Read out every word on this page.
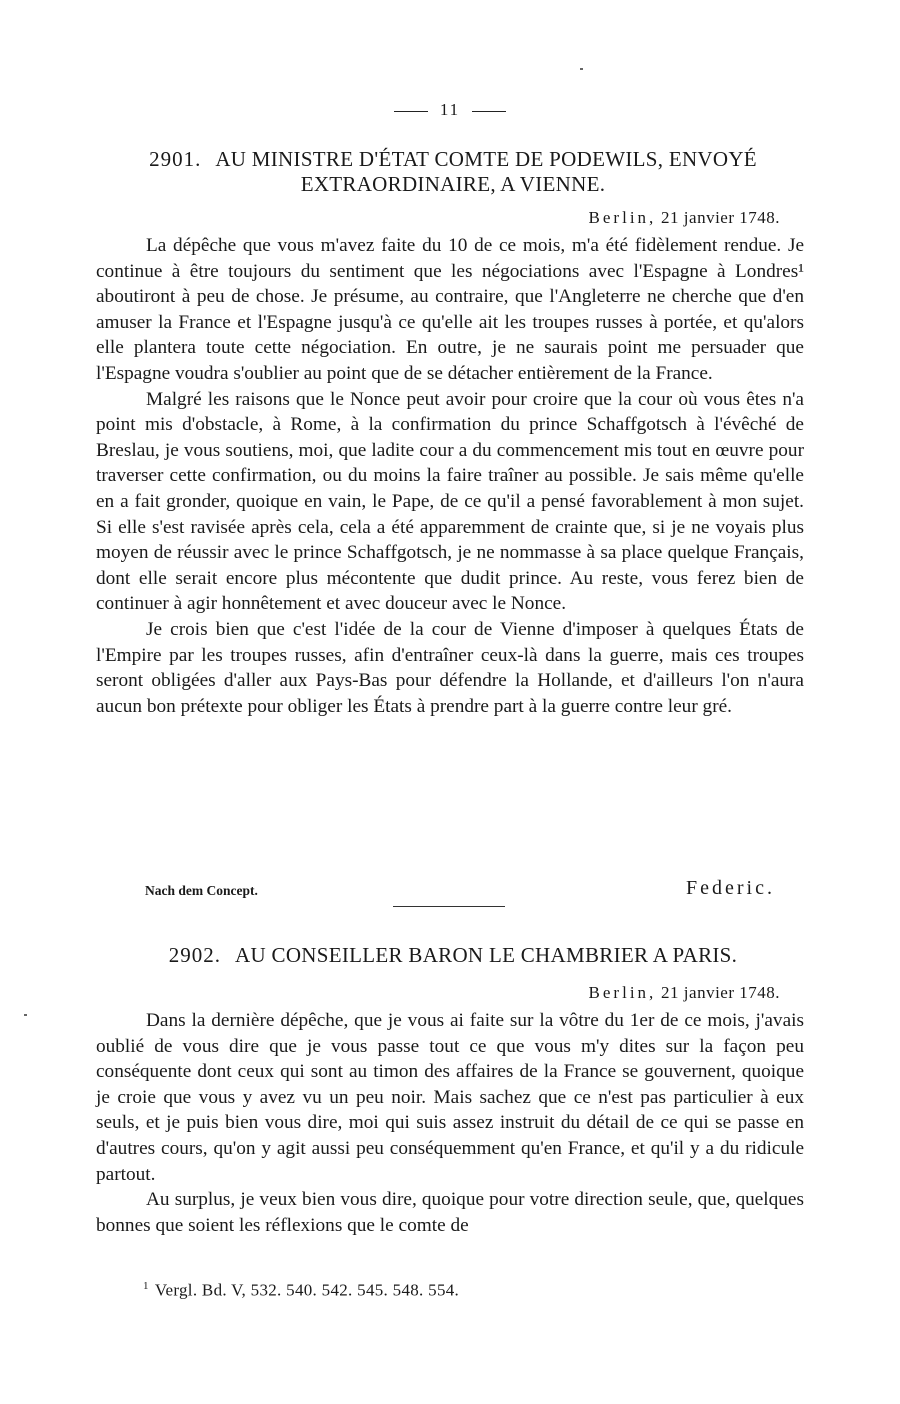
11
2901. AU MINISTRE D'ÉTAT COMTE DE PODEWILS, ENVOYÉ
EXTRAORDINAIRE, A VIENNE.
Berlin, 21 janvier 1748.

La dépêche que vous m'avez faite du 10 de ce mois, m'a été fidèlement rendue. Je continue à être toujours du sentiment que les négociations avec l'Espagne à Londres¹ aboutiront à peu de chose. Je présume, au contraire, que l'Angleterre ne cherche que d'en amuser la France et l'Espagne jusqu'à ce qu'elle ait les troupes russes à portée, et qu'alors elle plantera toute cette négociation. En outre, je ne saurais point me persuader que l'Espagne voudra s'oublier au point que de se détacher entièrement de la France.

Malgré les raisons que le Nonce peut avoir pour croire que la cour où vous êtes n'a point mis d'obstacle, à Rome, à la confirmation du prince Schaffgotsch à l'évêché de Breslau, je vous soutiens, moi, que ladite cour a du commencement mis tout en œuvre pour traverser cette confirmation, ou du moins la faire traîner au possible. Je sais même qu'elle en a fait gronder, quoique en vain, le Pape, de ce qu'il a pensé favorablement à mon sujet. Si elle s'est ravisée après cela, cela a été apparemment de crainte que, si je ne voyais plus moyen de réussir avec le prince Schaffgotsch, je ne nommasse à sa place quelque Français, dont elle serait encore plus mécontente que dudit prince. Au reste, vous ferez bien de continuer à agir honnêtement et avec douceur avec le Nonce.

Je crois bien que c'est l'idée de la cour de Vienne d'imposer à quelques États de l'Empire par les troupes russes, afin d'entraîner ceux-là dans la guerre, mais ces troupes seront obligées d'aller aux Pays-Bas pour défendre la Hollande, et d'ailleurs l'on n'aura aucun bon prétexte pour obliger les États à prendre part à la guerre contre leur gré.

Nach dem Concept.	Federic.
2902. AU CONSEILLER BARON LE CHAMBRIER A PARIS.
Berlin, 21 janvier 1748.

Dans la dernière dépêche, que je vous ai faite sur la vôtre du 1er de ce mois, j'avais oublié de vous dire que je vous passe tout ce que vous m'y dites sur la façon peu conséquente dont ceux qui sont au timon des affaires de la France se gouvernent, quoique je croie que vous y avez vu un peu noir. Mais sachez que ce n'est pas particulier à eux seuls, et je puis bien vous dire, moi qui suis assez instruit du détail de ce qui se passe en d'autres cours, qu'on y agit aussi peu conséquemment qu'en France, et qu'il y a du ridicule partout.

Au surplus, je veux bien vous dire, quoique pour votre direction seule, que, quelques bonnes que soient les réflexions que le comte de

$^1$ Vergl. Bd. V, 532. 540. 542. 545. 548. 554.
